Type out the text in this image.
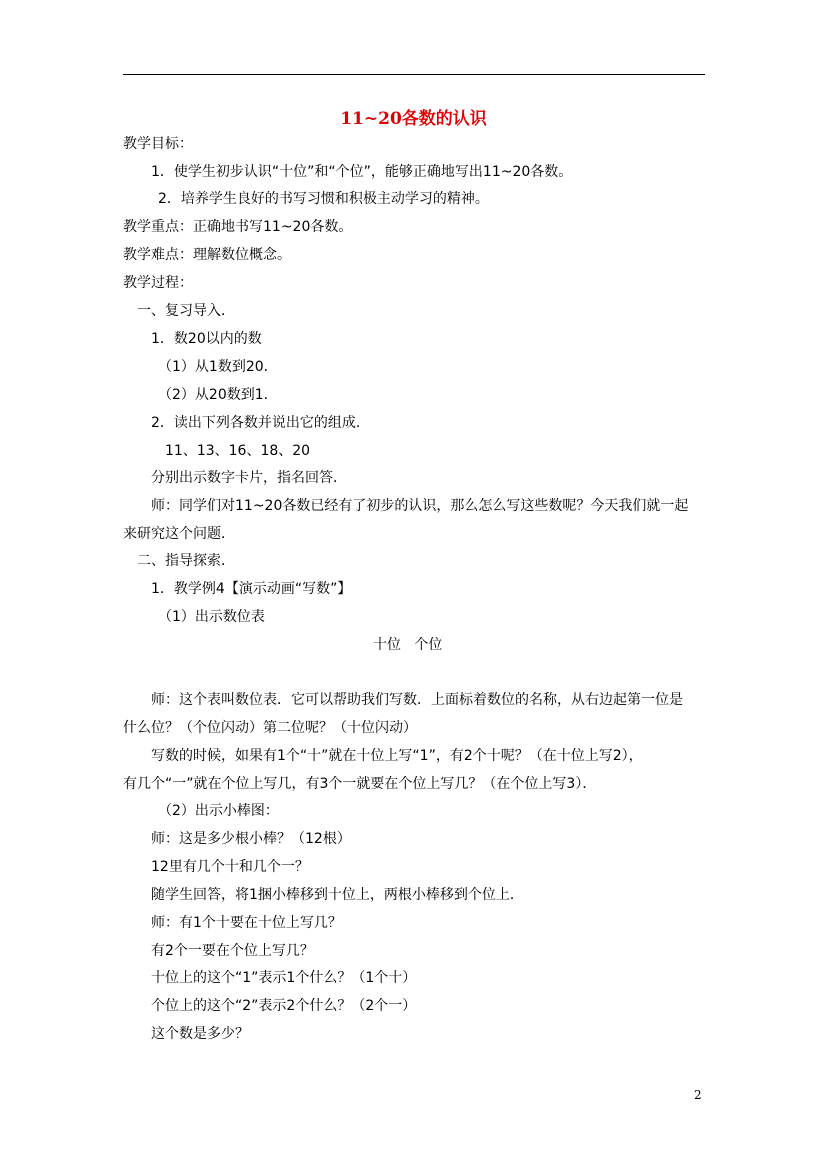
11~20各数的认识
教学目标：
1．使学生初步认识“十位”和“个位”，能够正确地写出11~20各数。
2．培养学生良好的书写习惯和积极主动学习的精神。
教学重点：正确地书写11~20各数。
教学难点：理解数位概念。
教学过程：
一、复习导入．
1．数20以内的数
（1）从1数到20．
（2）从20数到1．
2．读出下列各数并说出它的组成．
11、13、16、18、20
分别出示数字卡片，指名回答．
师：同学们对11~20各数已经有了初步的认识，那么怎么写这些数呢？今天我们就一起
来研究这个问题．
二、指导探索．
1．教学例4【演示动画“写数”】
（1）出示数位表
十位   个位
师：这个表叫数位表．它可以帮助我们写数．上面标着数位的名称，从右边起第一位是
什么位？（个位闪动）第二位呢？（十位闪动）
写数的时候，如果有1个“十”就在十位上写“1”，有2个十呢？（在十位上写2），
有几个“一”就在个位上写几，有3个一就要在个位上写几？（在个位上写3）．
（2）出示小棒图：
师：这是多少根小棒？（12根）
12里有几个十和几个一？
随学生回答，将1捆小棒移到十位上，两根小棒移到个位上．
师：有1个十要在十位上写几？
有2个一要在个位上写几？
十位上的这个“1”表示1个什么？（1个十）
个位上的这个“2”表示2个什么？（2个一）
这个数是多少？
2
